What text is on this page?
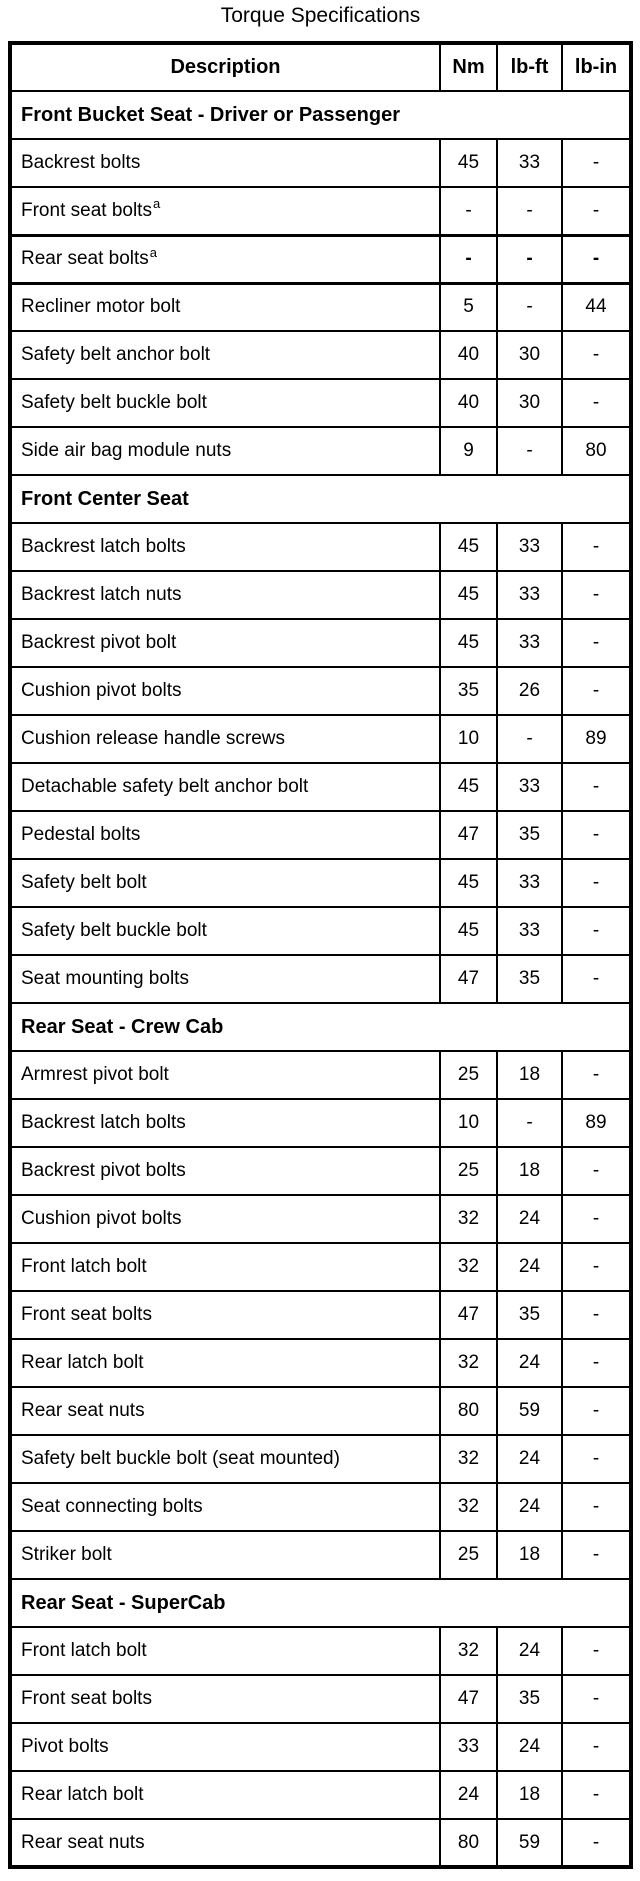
Torque Specifications
Description	Nm	lb-ft	lb-in
Front Bucket Seat - Driver or Passenger			
Backrest bolts	45	33	-
Front seat bolts$^a$	-	-	-
Rear seat bolts$^a$	-	-	-
Recliner motor bolt	5	-	44
Safety belt anchor bolt	40	30	-
Safety belt buckle bolt	40	30	-
Side air bag module nuts	9	-	80
Front Center Seat			
Backrest latch bolts	45	33	-
Backrest latch nuts	45	33	-
Backrest pivot bolt	45	33	-
Cushion pivot bolts	35	26	-
Cushion release handle screws	10	-	89
Detachable safety belt anchor bolt	45	33	-
Pedestal bolts	47	35	-
Safety belt bolt	45	33	-
Safety belt buckle bolt	45	33	-
Seat mounting bolts	47	35	-
Rear Seat - Crew Cab			
Armrest pivot bolt	25	18	-
Backrest latch bolts	10	-	89
Backrest pivot bolts	25	18	-
Cushion pivot bolts	32	24	-
Front latch bolt	32	24	-
Front seat bolts	47	35	-
Rear latch bolt	32	24	-
Rear seat nuts	80	59	-
Safety belt buckle bolt (seat mounted)	32	24	-
Seat connecting bolts	32	24	-
Striker bolt	25	18	-
Rear Seat - SuperCab			
Front latch bolt	32	24	-
Front seat bolts	47	35	-
Pivot bolts	33	24	-
Rear latch bolt	24	18	-
Rear seat nuts	80	59	-
